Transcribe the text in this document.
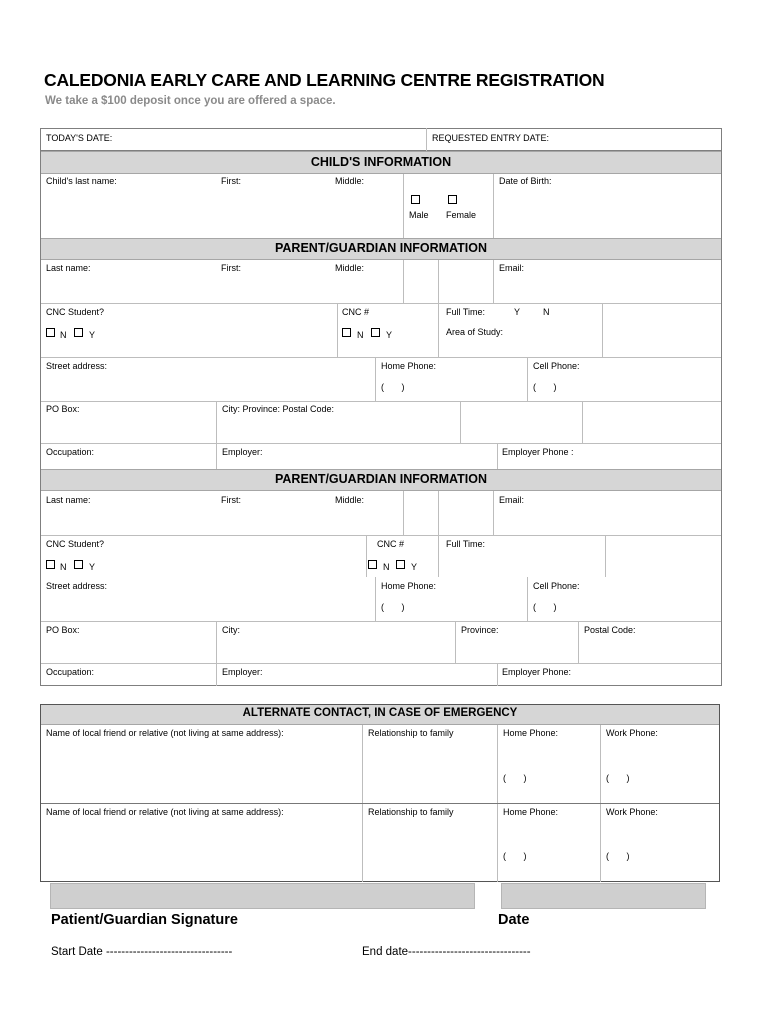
CALEDONIA EARLY CARE AND LEARNING CENTRE REGISTRATION
We take a $100 deposit once you are offered a space.
TODAY'S DATE:	REQUESTED ENTRY DATE:
CHILD'S INFORMATION
Child's last name:	First:	Middle:
Male Female
Date of Birth:
PARENT/GUARDIAN INFORMATION
Last name:	First:	Middle:	Email:
CNC Student?
N	Y
CNC #
N	Y
Full Time:	Y	N
Area of Study:
Street address:	Home Phone:
(       )
Cell Phone:
(       )
PO Box:	City: Province: Postal Code:
Occupation:	Employer:	Employer Phone :
PARENT/GUARDIAN INFORMATION
Last name:	First:	Middle:	Email:
CNC Student?
N	Y
CNC #
N Y
Full Time:
Street address:	Home Phone:
(       )
Cell Phone:
(       )
PO Box:	City:	Province:	Postal Code:
Occupation:	Employer:	Employer Phone:
ALTERNATE CONTACT, IN CASE OF EMERGENCY
Name of local friend or relative (not living at same address):	Relationship to family	Home Phone:
(       )
Work Phone:
(       )
Name of local friend or relative (not living at same address):	Relationship to family	Home Phone:
(       )
Work Phone:
(       )
Patient/Guardian Signature	Date
Start Date ---------------------------------	End date--------------------------------
